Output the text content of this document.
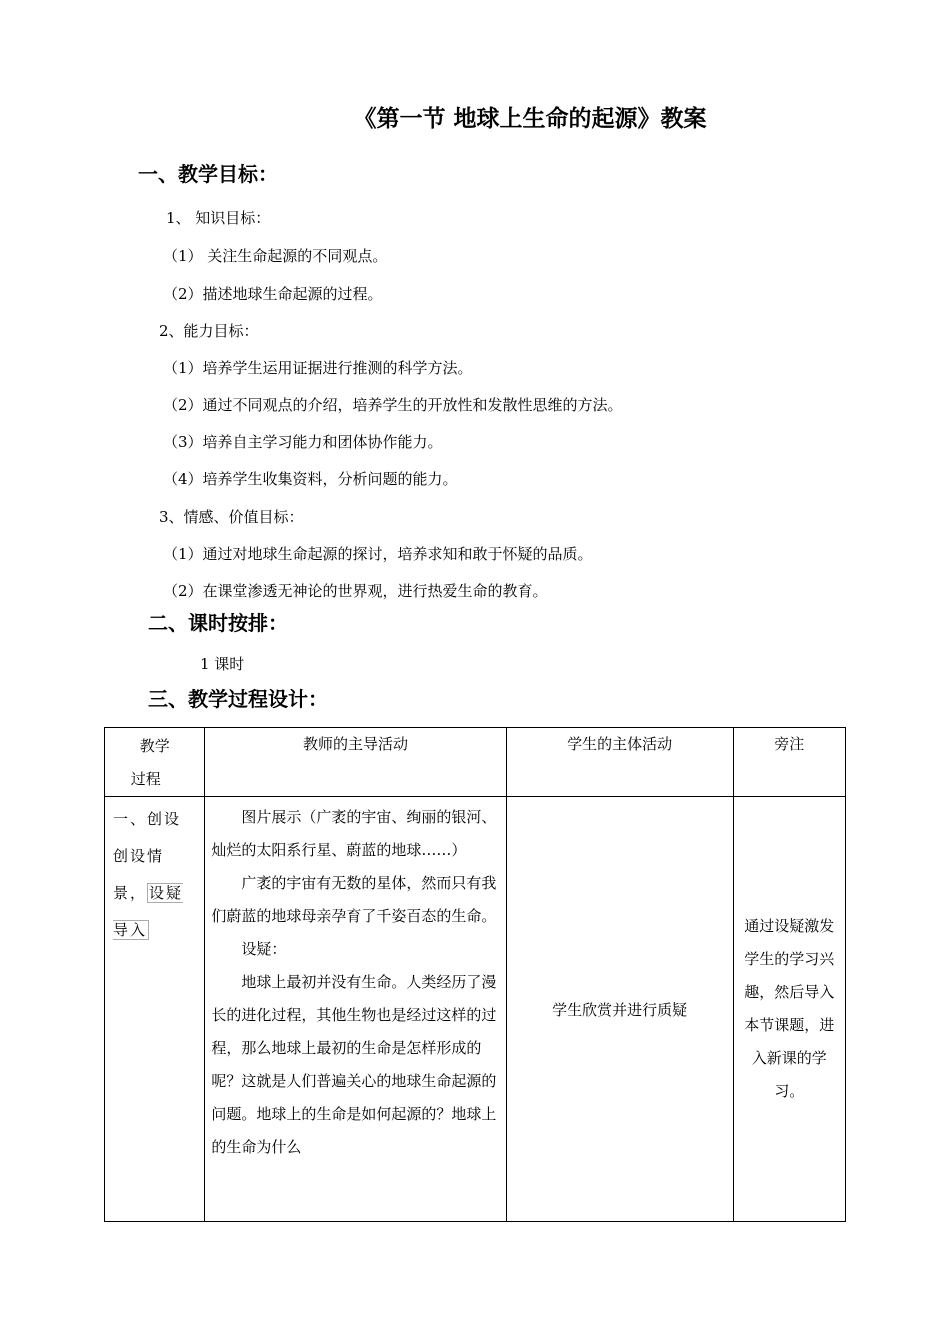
《第一节 地球上生命的起源》教案
一、教学目标：
1、 知识目标：
（1） 关注生命起源的不同观点。
（2）描述地球生命起源的过程。
2、能力目标：
（1）培养学生运用证据进行推测的科学方法。
（2）通过不同观点的介绍，培养学生的开放性和发散性思维的方法。
（3）培养自主学习能力和团体协作能力。
（4）培养学生收集资料，分析问题的能力。
3、情感、价值目标：
（1）通过对地球生命起源的探讨，培养求知和敢于怀疑的品质。
（2）在课堂渗透无神论的世界观，进行热爱生命的教育。
二、课时按排：
1 课时
三、教学过程设计：
教学
过程	教师的主导活动	学生的主体活动	旁注

一、创设创设情景， 设疑导入	图片展示（广袤的宇宙、绚丽的银河、灿烂的太阳系行星、蔚蓝的地球……）

广袤的宇宙有无数的星体，然而只有我们蔚蓝的地球母亲孕育了千姿百态的生命。

设疑：

地球上最初并没有生命。人类经历了漫长的进化过程，其他生物也是经过这样的过程，那么地球上最初的生命是怎样形成的呢？这就是人们普遍关心的地球生命起源的问题。地球上的生命是如何起源的？地球上的生命为什么	学生欣赏并进行质疑	通过设疑激发学生的学习兴趣，然后导入本节课题，进入新课的学习。
